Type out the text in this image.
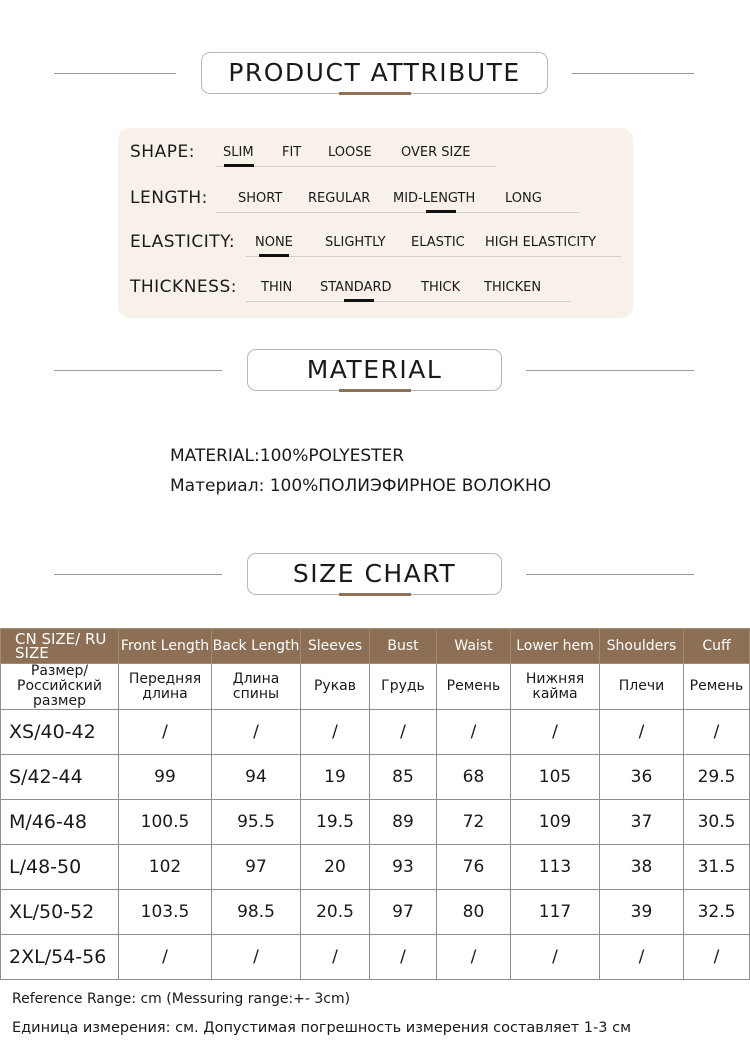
PRODUCT ATTRIBUTE
SHAPE: SLIM FIT LOOSE OVER SIZE
LENGTH: SHORT REGULAR MID-LENGTH LONG
ELASTICITY: NONE SLIGHTLY ELASTIC HIGH ELASTICITY
THICKNESS: THIN STANDARD THICK THICKEN
MATERIAL
MATERIAL:100%POLYESTER
Материал: 100%ПОЛИЭФИРНОЕ ВОЛОКНО
SIZE CHART
CN SIZE/ RU SIZE	Front Length	Back Length	Sleeves	Bust	Waist	Lower hem	Shoulders	Cuff
Размер/ Российский размер	Передняя длина	Длина спины	Рукав	Грудь	Ремень	Нижняя кайма	Плечи	Ремень
XS/40-42	/	/	/	/	/	/	/	/
S/42-44	99	94	19	85	68	105	36	29.5
M/46-48	100.5	95.5	19.5	89	72	109	37	30.5
L/48-50	102	97	20	93	76	113	38	31.5
XL/50-52	103.5	98.5	20.5	97	80	117	39	32.5
2XL/54-56	/	/	/	/	/	/	/	/
Reference Range: cm (Messuring range:+- 3cm)
Единица измерения: см. Допустимая погрешность измерения составляет 1-3 см
